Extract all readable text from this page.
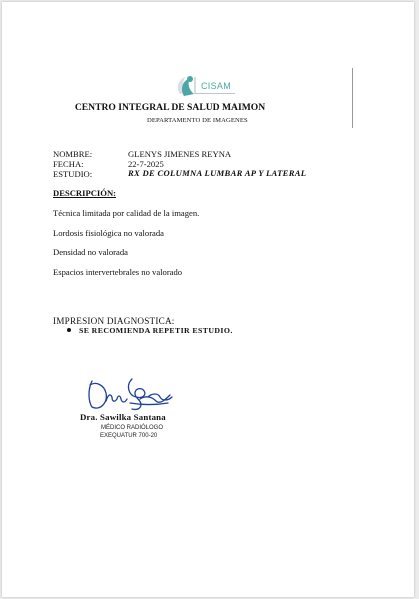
CISAM
CENTRO INTEGRAL DE SALUD MAIMON
DEPARTAMENTO DE IMAGENES
NOMBRE:	GLENYS JIMENES REYNA
FECHA:	22-7-2025
ESTUDIO:	RX DE COLUMNA LUMBAR AP Y LATERAL
DESCRIPCIÓN:
Técnica limitada por calidad de la imagen.
Lordosis fisiológica no valorada
Densidad no valorada
Espacios intervertebrales no valorado
IMPRESION DIAGNOSTICA:
SE RECOMIENDA REPETIR ESTUDIO.
Dra. Sawilka Santana
MÉDICO RADIÓLOGO
EXEQUATUR 700-20
